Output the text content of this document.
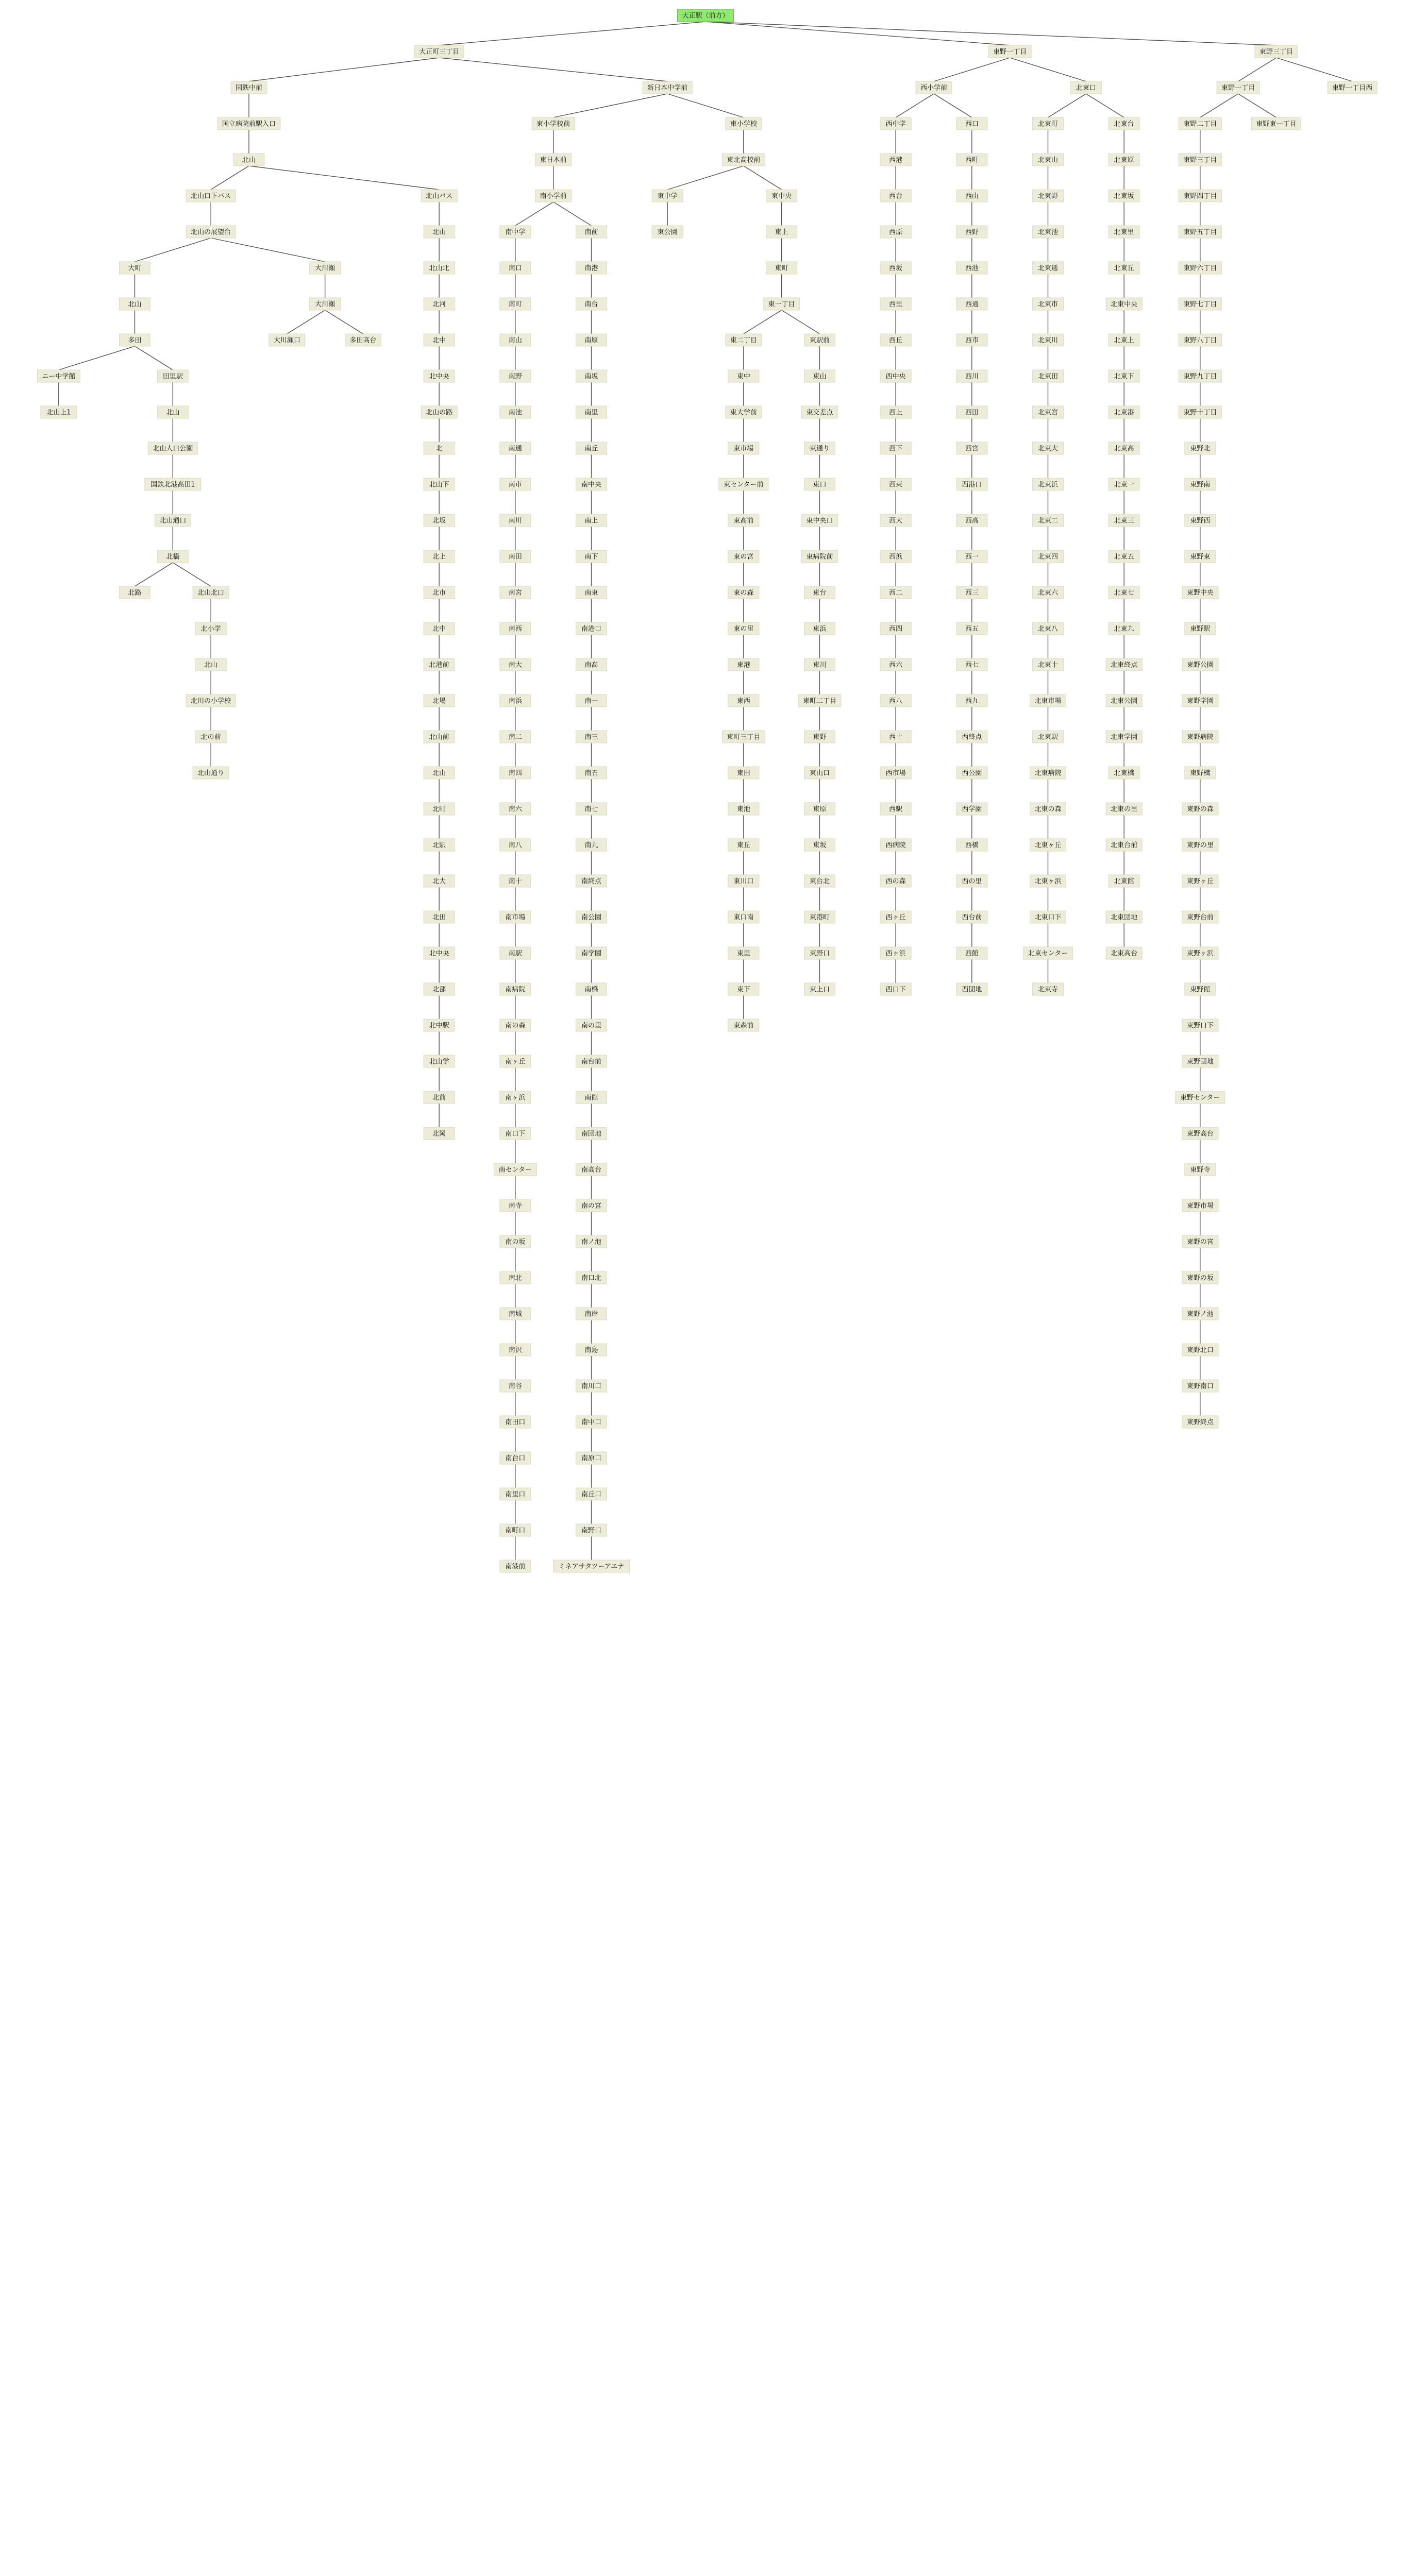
大正駅（前方）
大正町三丁目	東野一丁目	東野三丁目
東野一丁目
国鉄中前
国立病院前駅入口
北山
北山口下バス	北山バス
北山の展望台
大町	大川瀬
北山	大川瀬
大川瀬口	多田高台
多田
ニー中学館	田里駅
北山上1	北山
北山人口公園
国鉄北港高田1
北山通口
北橋
北路	北山北口
北小学
北山
北川の小学校
北の前
北山通り
北山
北山北
北河
北中
北中央
北山の路
北
北山下
北坂
北上
北市
北中
北港前
北場
北山前
北山
北町
北駅
北大
北田
北中央
北部
北中駅
北山学
北前
北岡
新日本中学前
東小学校前	東小学校
東日本前	東北高校前
東中学	東中央
東公園	東上
東町
東一丁目
東二丁目	東駅前
東中	東山
東大学前	東交差点
東市場	東通り
東センター前	東口
東高前	東中央口
東の宮	東病院前
東の森	東台
東の里	東浜
東港	東川
東西	東町二丁目
東町三丁目	東野
東田	東山口
東池	東原
東丘	東坂
東川口	東台北
東口南	東港町
東里	東野口
東下	東上口
東森前
南小学前
南中学	南前
南口	南港
南町	南台
南山	南原
南野	南坂
南池	南里
南通	南丘
南市	南中央
南川	南上
南田	南下
南宮	南東
南西	南港口
南大	南高
南浜	南一
南二	南三
南四	南五
南六	南七
南八	南九
南十	南終点
南市場	南公園
南駅	南学園
南病院	南橋
南の森	南の里
南ヶ丘	南台前
南ヶ浜	南館
南口下	南団地
南センター	南高台
南寺	南の宮
南の坂	南ノ池
南北	南口北
南城	南岸
南沢	南島
南谷	南川口
南田口	南中口
南台口	南原口
南里口	南丘口
南町口	南野口
南港前	ミネアサタツーアエナ
西小学前
西中学	西口
西港	西町
西台	西山
西原	西野
西坂	西池
西里	西通
西丘	西市
西中央	西川
西上	西田
西下	西宮
西東	西港口
西大	西高
西浜	西一
西二	西三
西四	西五
西六	西七
西八	西九
西十	西終点
西市場	西公園
西駅	西学園
西病院	西橋
西の森	西の里
西ヶ丘	西台前
西ヶ浜	西館
西口下	西団地
北東口
北東町	北東台
北東山	北東原
北東野	北東坂
北東池	北東里
北東通	北東丘
北東市	北東中央
北東川	北東上
北東田	北東下
北東宮	北東港
北東大	北東高
北東浜	北東一
北東二	北東三
北東四	北東五
北東六	北東七
北東八	北東九
北東十	北東終点
北東市場	北東公園
北東駅	北東学園
北東病院	北東橋
北東の森	北東の里
北東ヶ丘	北東台前
北東ヶ浜	北東館
北東口下	北東団地
北東センター	北東高台
北東寺
東野二丁目
東野三丁目
東野四丁目
東野五丁目
東野六丁目
東野七丁目
東野八丁目
東野九丁目
東野十丁目
東野北
東野南
東野西
東野東
東野中央
東野駅
東野公園
東野学園
東野病院
東野橋
東野の森
東野の里
東野ヶ丘
東野台前
東野ヶ浜
東野館
東野口下
東野団地
東野センター
東野高台
東野寺
東野市場
東野の宮
東野の坂
東野ノ池
東野北口
東野南口
東野終点
東野一丁目西
東野東一丁目
